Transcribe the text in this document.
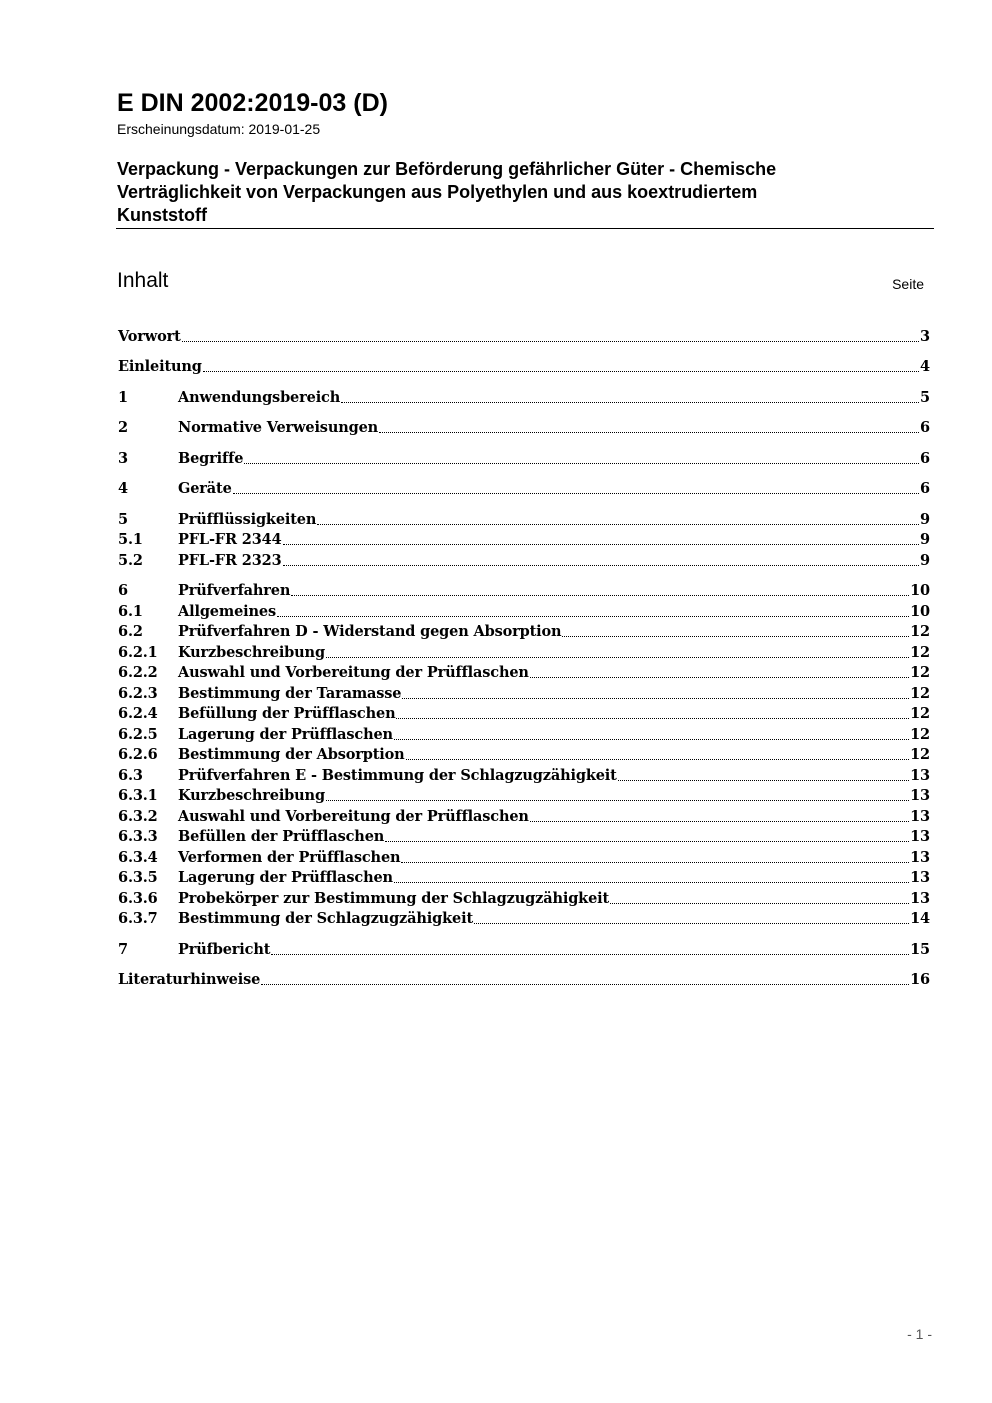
E DIN 2002:2019-03 (D)
Erscheinungsdatum: 2019-01-25
Verpackung - Verpackungen zur Beförderung gefährlicher Güter - Chemische
Verträglichkeit von Verpackungen aus Polyethylen und aus koextrudiertem
Kunststoff
Inhalt	Seite
Vorwort	3
Einleitung	4
1	Anwendungsbereich	5
2	Normative Verweisungen	6
3	Begriffe	6
4	Geräte	6
5	Prüfflüssigkeiten	9
5.1 PFL-FR 2344	9
5.2 PFL-FR 2323	9
6	Prüfverfahren	10
6.1 Allgemeines	10
6.2 Prüfverfahren D - Widerstand gegen Absorption	12
6.2.1 Kurzbeschreibung	12
6.2.2 Auswahl und Vorbereitung der Prüfflaschen	12
6.2.3 Bestimmung der Taramasse	12
6.2.4 Befüllung der Prüfflaschen	12
6.2.5 Lagerung der Prüfflaschen	12
6.2.6 Bestimmung der Absorption	12
6.3 Prüfverfahren E - Bestimmung der Schlagzugzähigkeit	13
6.3.1 Kurzbeschreibung	13
6.3.2 Auswahl und Vorbereitung der Prüfflaschen	13
6.3.3 Befüllen der Prüfflaschen	13
6.3.4 Verformen der Prüfflaschen	13
6.3.5 Lagerung der Prüfflaschen	13
6.3.6 Probekörper zur Bestimmung der Schlagzugzähigkeit	13
6.3.7 Bestimmung der Schlagzugzähigkeit	14
7	Prüfbericht	15
Literaturhinweise	16
- 1 -
